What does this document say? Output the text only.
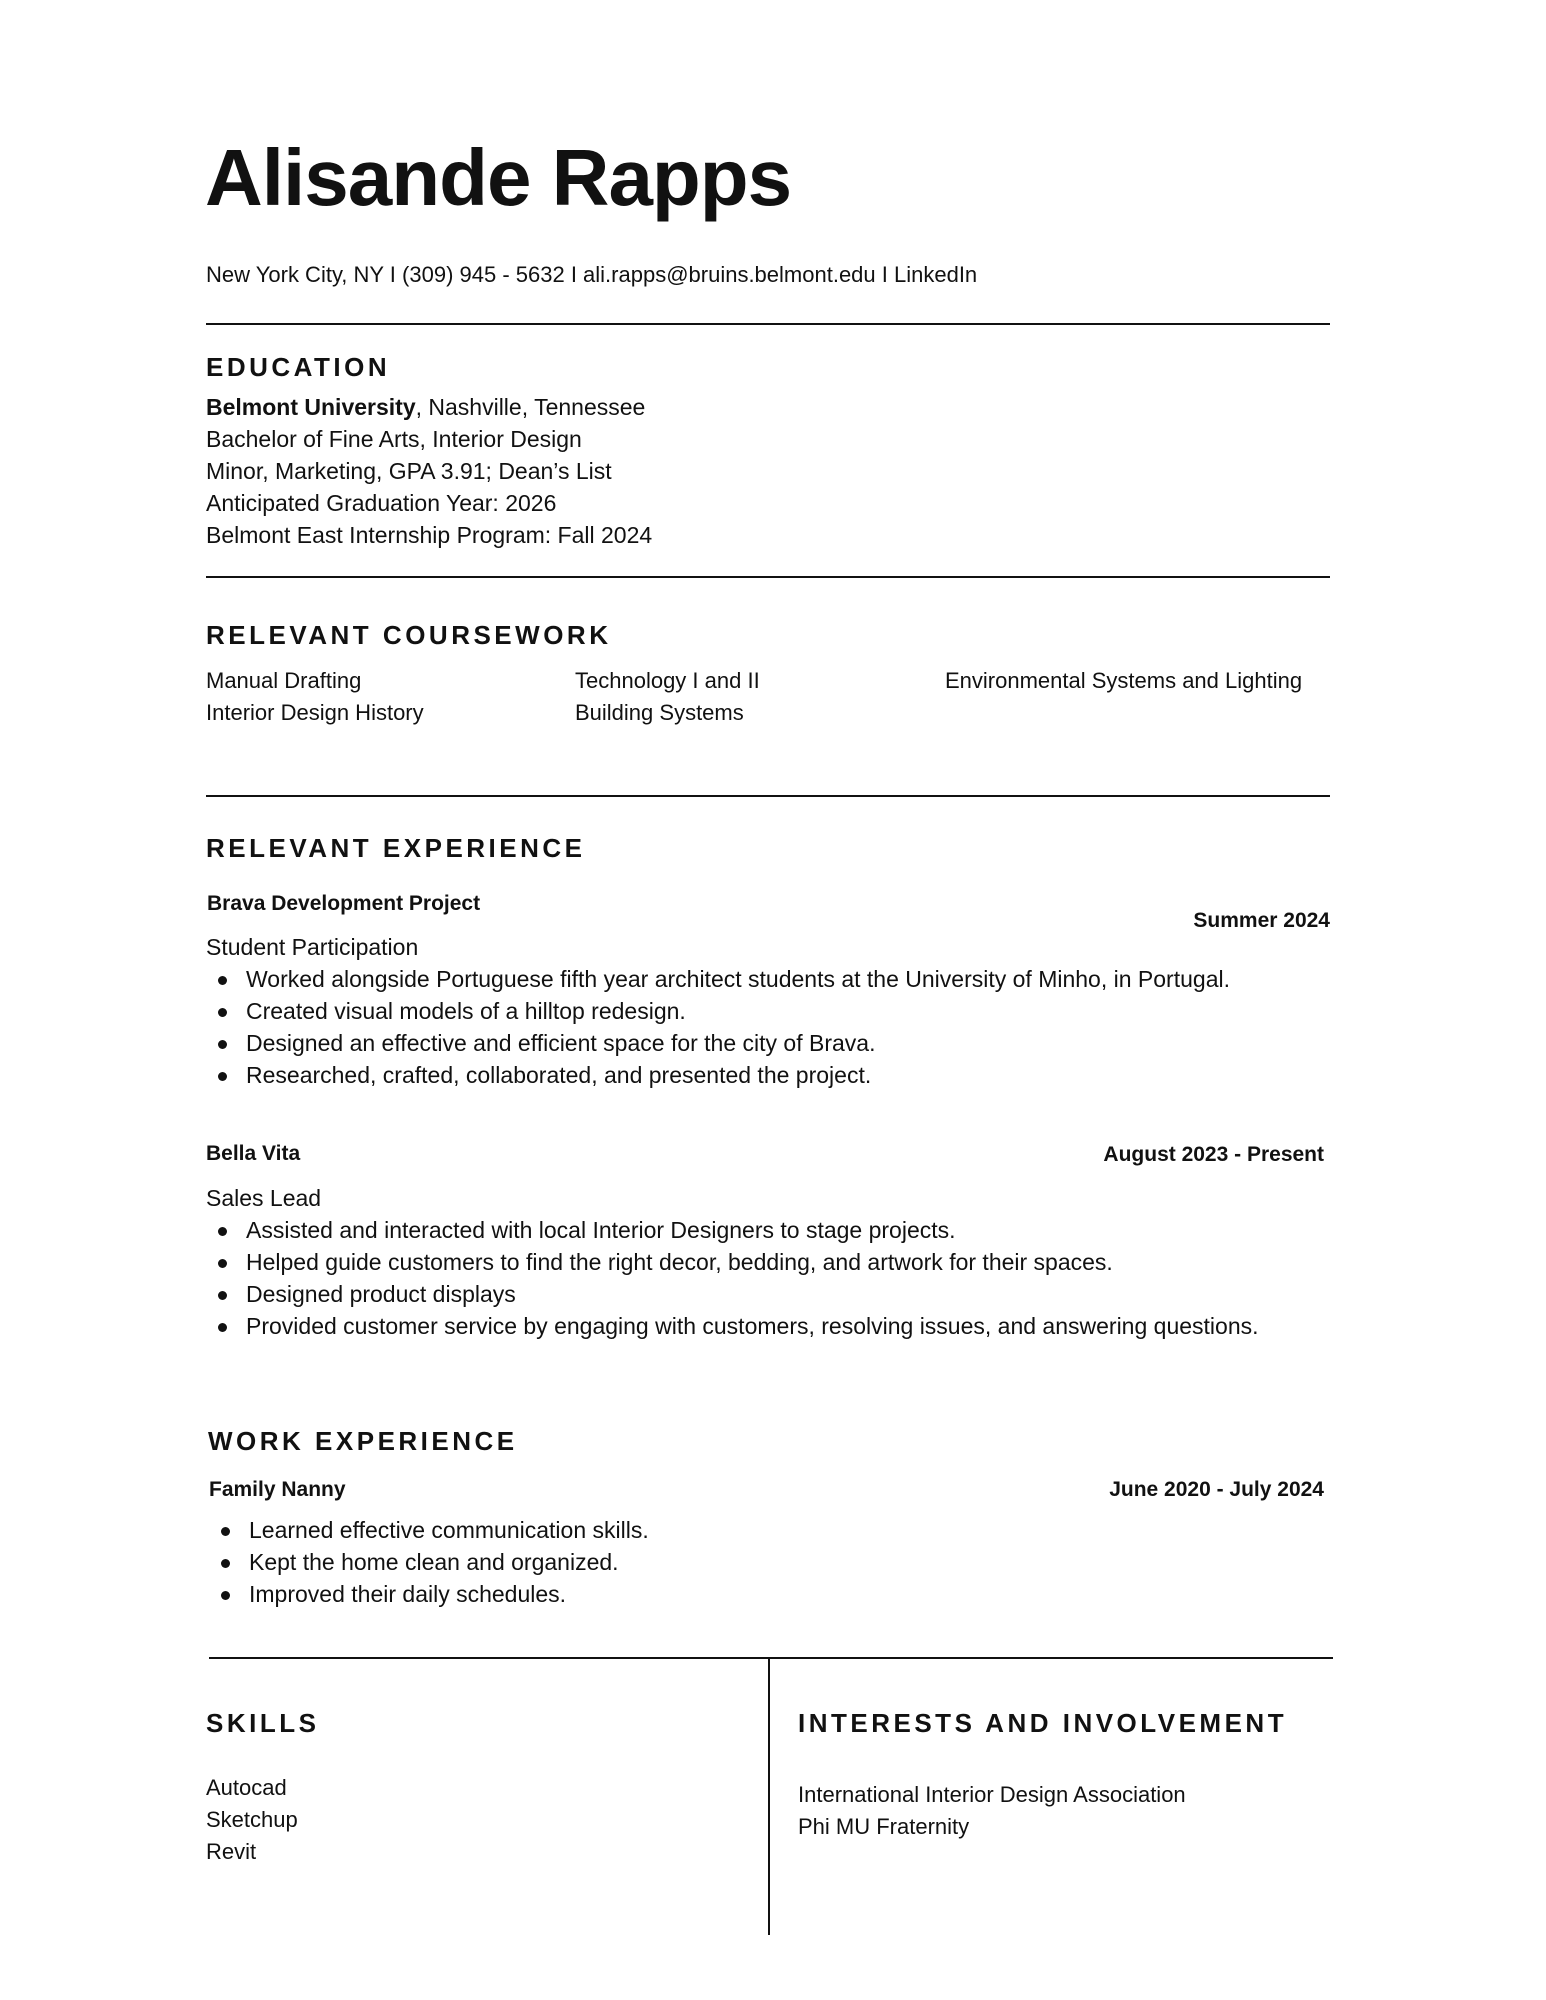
Alisande Rapps
New York City, NY I (309) 945 - 5632 I ali.rapps@bruins.belmont.edu I LinkedIn
EDUCATION
Belmont University, Nashville, Tennessee
Bachelor of Fine Arts, Interior Design
Minor, Marketing, GPA 3.91; Dean’s List
Anticipated Graduation Year: 2026
Belmont East Internship Program: Fall 2024
RELEVANT COURSEWORK
Manual Drafting
Interior Design History
Technology I and II
Building Systems
Environmental Systems and Lighting
RELEVANT EXPERIENCE
Brava Development Project
Summer 2024
Student Participation
Worked alongside Portuguese fifth year architect students at the University of Minho, in Portugal.
Created visual models of a hilltop redesign.
Designed an effective and efficient space for the city of Brava.
Researched, crafted, collaborated, and presented the project.
Bella Vita	August 2023 - Present
Sales Lead
Assisted and interacted with local Interior Designers to stage projects.
Helped guide customers to find the right decor, bedding, and artwork for their spaces.
Designed product displays
Provided customer service by engaging with customers, resolving issues, and answering questions.
WORK EXPERIENCE
Family Nanny	June 2020 - July 2024
Learned effective communication skills.
Kept the home clean and organized.
Improved their daily schedules.
SKILLS
Autocad
Sketchup
Revit
INTERESTS AND INVOLVEMENT
International Interior Design Association
Phi MU Fraternity
